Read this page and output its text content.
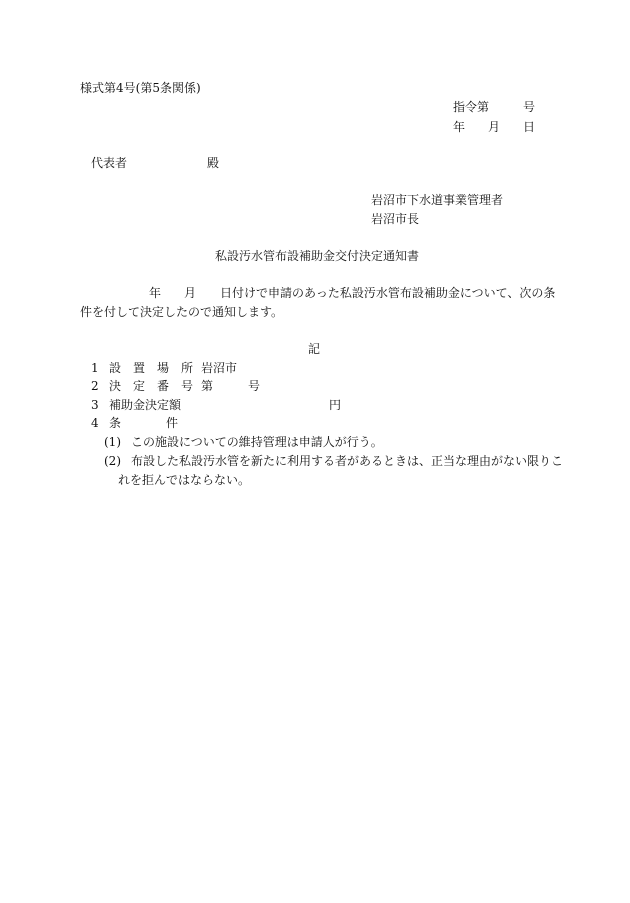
様式第4号(第5条関係)
指令第	号
年 月 日
代表者	殿
岩沼市下水道事業管理者
岩沼市長
私設汚水管布設補助金交付決定通知書
年 月 日付けで申請のあった私設汚水管布設補助金について、次の条
件を付して決定したので通知します。
記
1 設　置　場　所 岩沼市
2 決　定　番　号 第	号
3 補助金決定額	円
4 条	件
(1) この施設についての維持管理は申請人が行う。
(2) 布設した私設汚水管を新たに利用する者があるときは、正当な理由がない限りこ
れを拒んではならない。
